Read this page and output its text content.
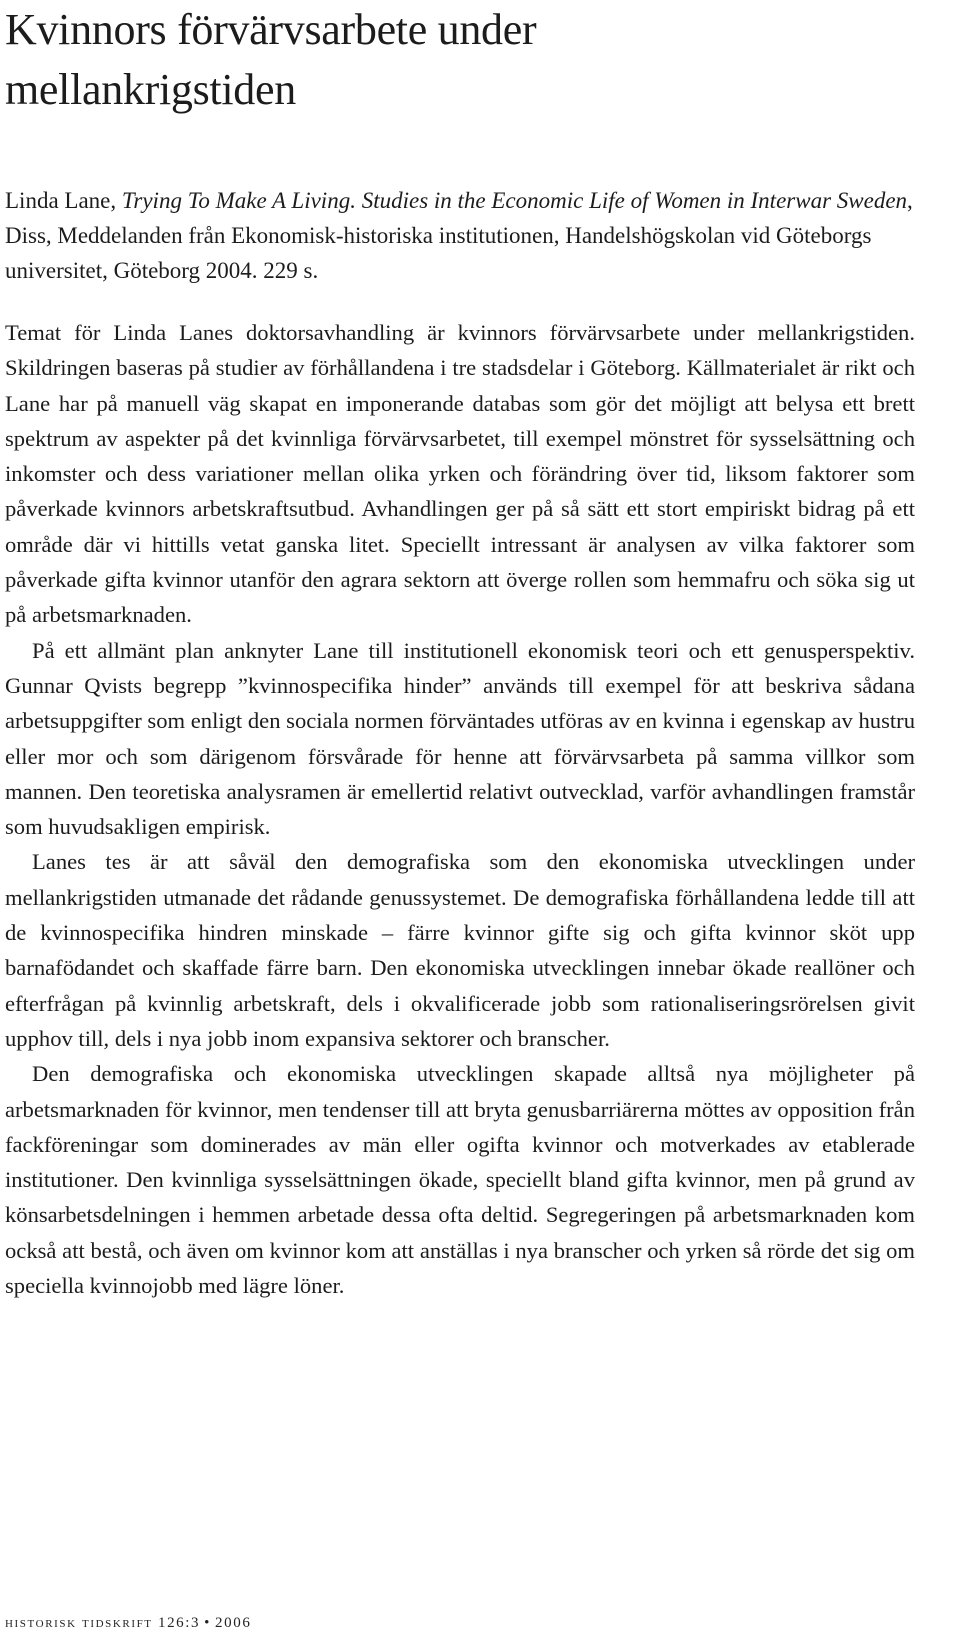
Kvinnors förvärvsarbete under mellankrigstiden
Linda Lane, Trying To Make A Living. Studies in the Economic Life of Women in Interwar Sweden, Diss, Meddelanden från Ekonomisk-historiska institutionen, Handelshögskolan vid Göteborgs universitet, Göteborg 2004. 229 s.

Temat för Linda Lanes doktorsavhandling är kvinnors förvärvsarbete under mellankrigstiden. Skildringen baseras på studier av förhållandena i tre stadsdelar i Göteborg. Källmaterialet är rikt och Lane har på manuell väg skapat en imponerande databas som gör det möjligt att belysa ett brett spektrum av aspekter på det kvinnliga förvärvsarbetet, till exempel mönstret för sysselsättning och inkomster och dess variationer mellan olika yrken och förändring över tid, liksom faktorer som påverkade kvinnors arbetskraftsutbud. Avhandlingen ger på så sätt ett stort empiriskt bidrag på ett område där vi hittills vetat ganska litet. Speciellt intressant är analysen av vilka faktorer som påverkade gifta kvinnor utanför den agrara sektorn att överge rollen som hemmafru och söka sig ut på arbetsmarknaden.

På ett allmänt plan anknyter Lane till institutionell ekonomisk teori och ett genusperspektiv. Gunnar Qvists begrepp ”kvinnospecifika hinder” används till exempel för att beskriva sådana arbetsuppgifter som enligt den sociala normen förväntades utföras av en kvinna i egenskap av hustru eller mor och som därigenom försvårade för henne att förvärvsarbeta på samma villkor som mannen. Den teoretiska analysramen är emellertid relativt outvecklad, varför avhandlingen framstår som huvudsakligen empirisk.

Lanes tes är att såväl den demografiska som den ekonomiska utvecklingen under mellankrigstiden utmanade det rådande genussystemet. De demografiska förhållandena ledde till att de kvinnospecifika hindren minskade – färre kvinnor gifte sig och gifta kvinnor sköt upp barnafödandet och skaffade färre barn. Den ekonomiska utvecklingen innebar ökade reallöner och efterfrågan på kvinnlig arbetskraft, dels i okvalificerade jobb som rationaliseringsrörelsen givit upphov till, dels i nya jobb inom expansiva sektorer och branscher.

Den demografiska och ekonomiska utvecklingen skapade alltså nya möjligheter på arbetsmarknaden för kvinnor, men tendenser till att bryta genusbarriärerna möttes av opposition från fackföreningar som dominerades av män eller ogifta kvinnor och motverkades av etablerade institutioner. Den kvinnliga sysselsättningen ökade, speciellt bland gifta kvinnor, men på grund av könsarbetsdelningen i hemmen arbetade dessa ofta deltid. Segregeringen på arbetsmarknaden kom också att bestå, och även om kvinnor kom att anställas i nya branscher och yrken så rörde det sig om speciella kvinnojobb med lägre löner.

historisk tidskrift 126:3 • 2006
